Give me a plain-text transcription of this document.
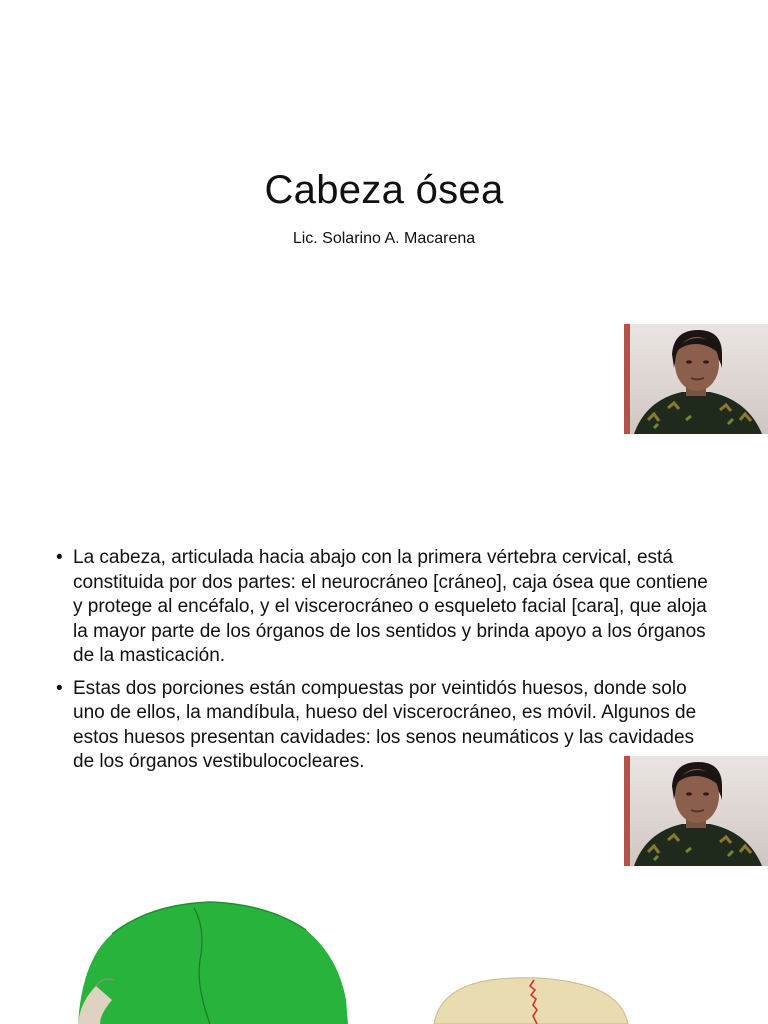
Cabeza ósea
Lic. Solarino A. Macarena
• La cabeza, articulada hacia abajo con la primera vértebra cervical, está constituida por dos partes: el neurocráneo [cráneo], caja ósea que contiene y protege al encéfalo, y el viscerocráneo o esqueleto facial [cara], que aloja la mayor parte de los órganos de los sentidos y brinda apoyo a los órganos de la masticación.
• Estas dos porciones están compuestas por veintidós huesos, donde solo uno de ellos, la mandíbula, hueso del viscerocráneo, es móvil. Algunos de estos huesos presentan cavidades: los senos neumáticos y las cavidades de los órganos vestibulococleares.
